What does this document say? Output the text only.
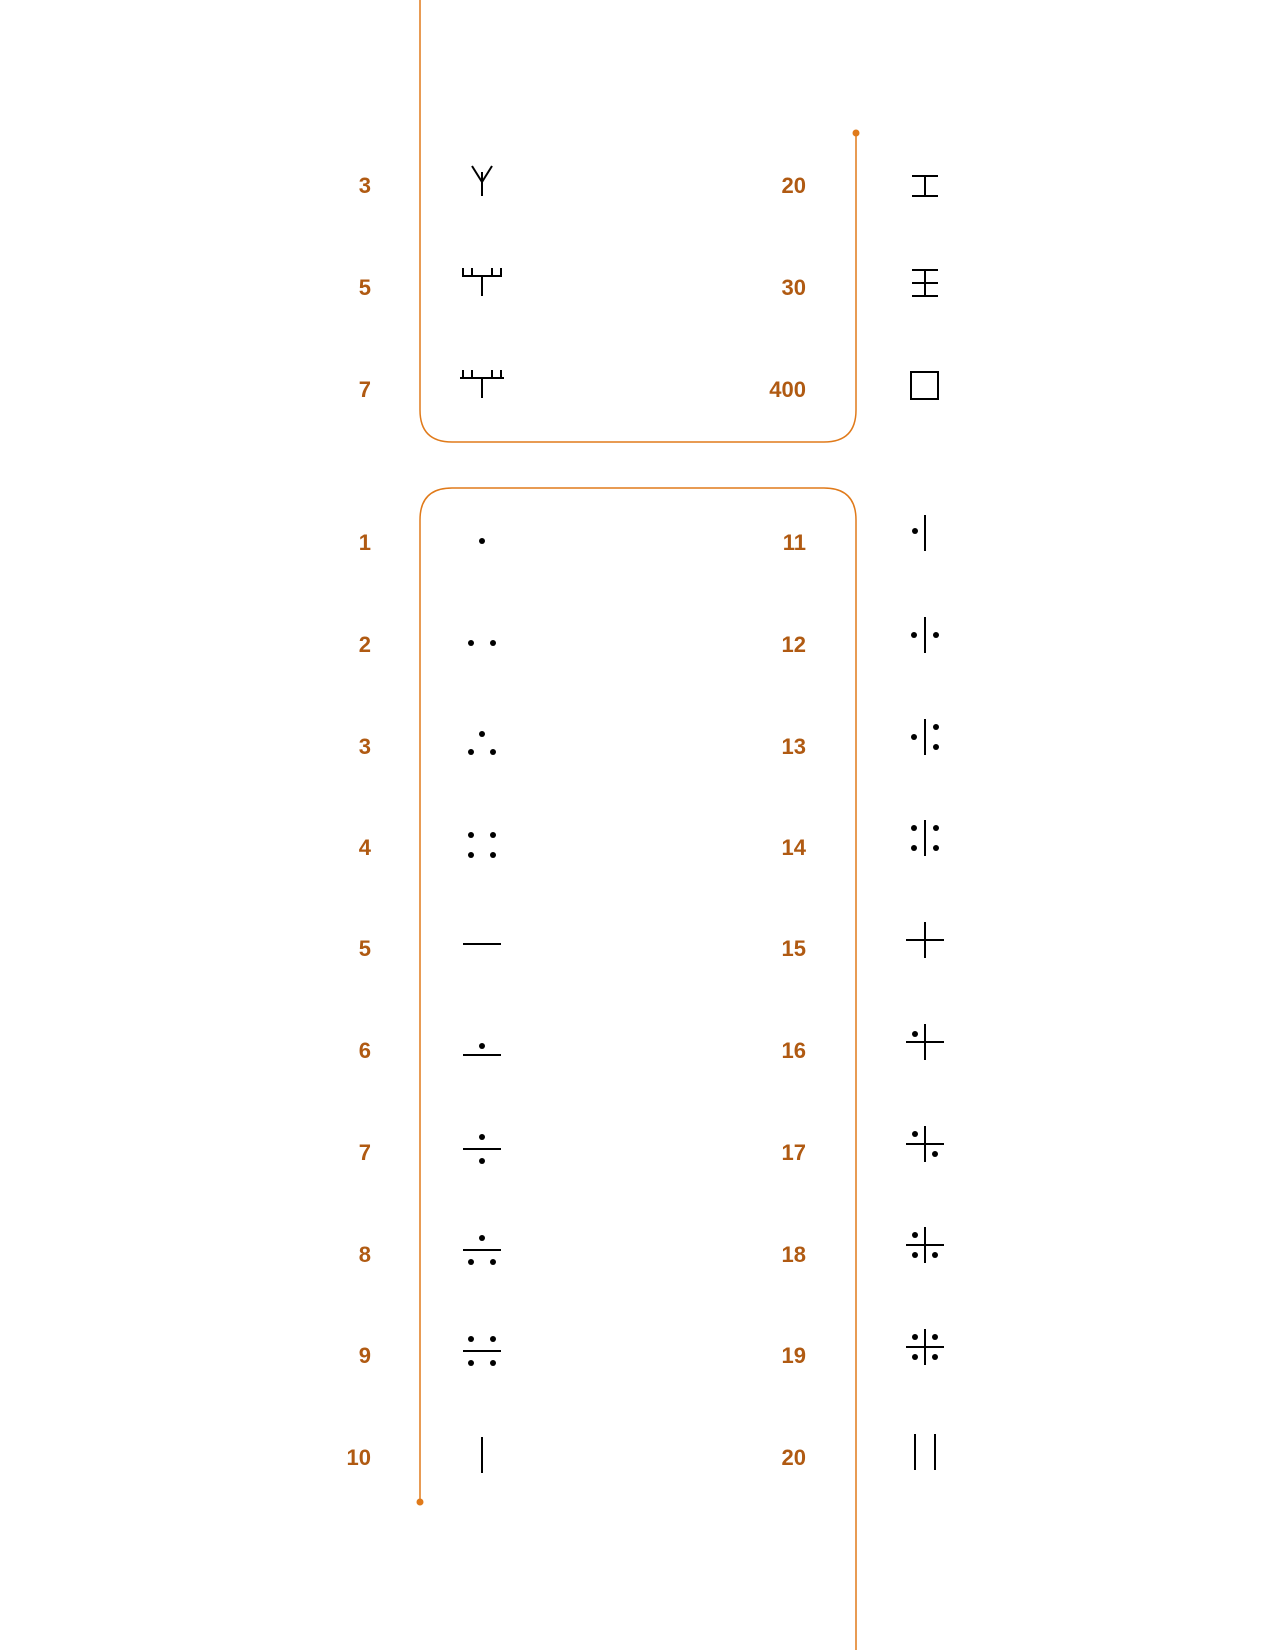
3
5
7
20
30
400
1
2
3
4
5
6
7
8
9
10
11
12
13
14
15
16
17
18
19
20
